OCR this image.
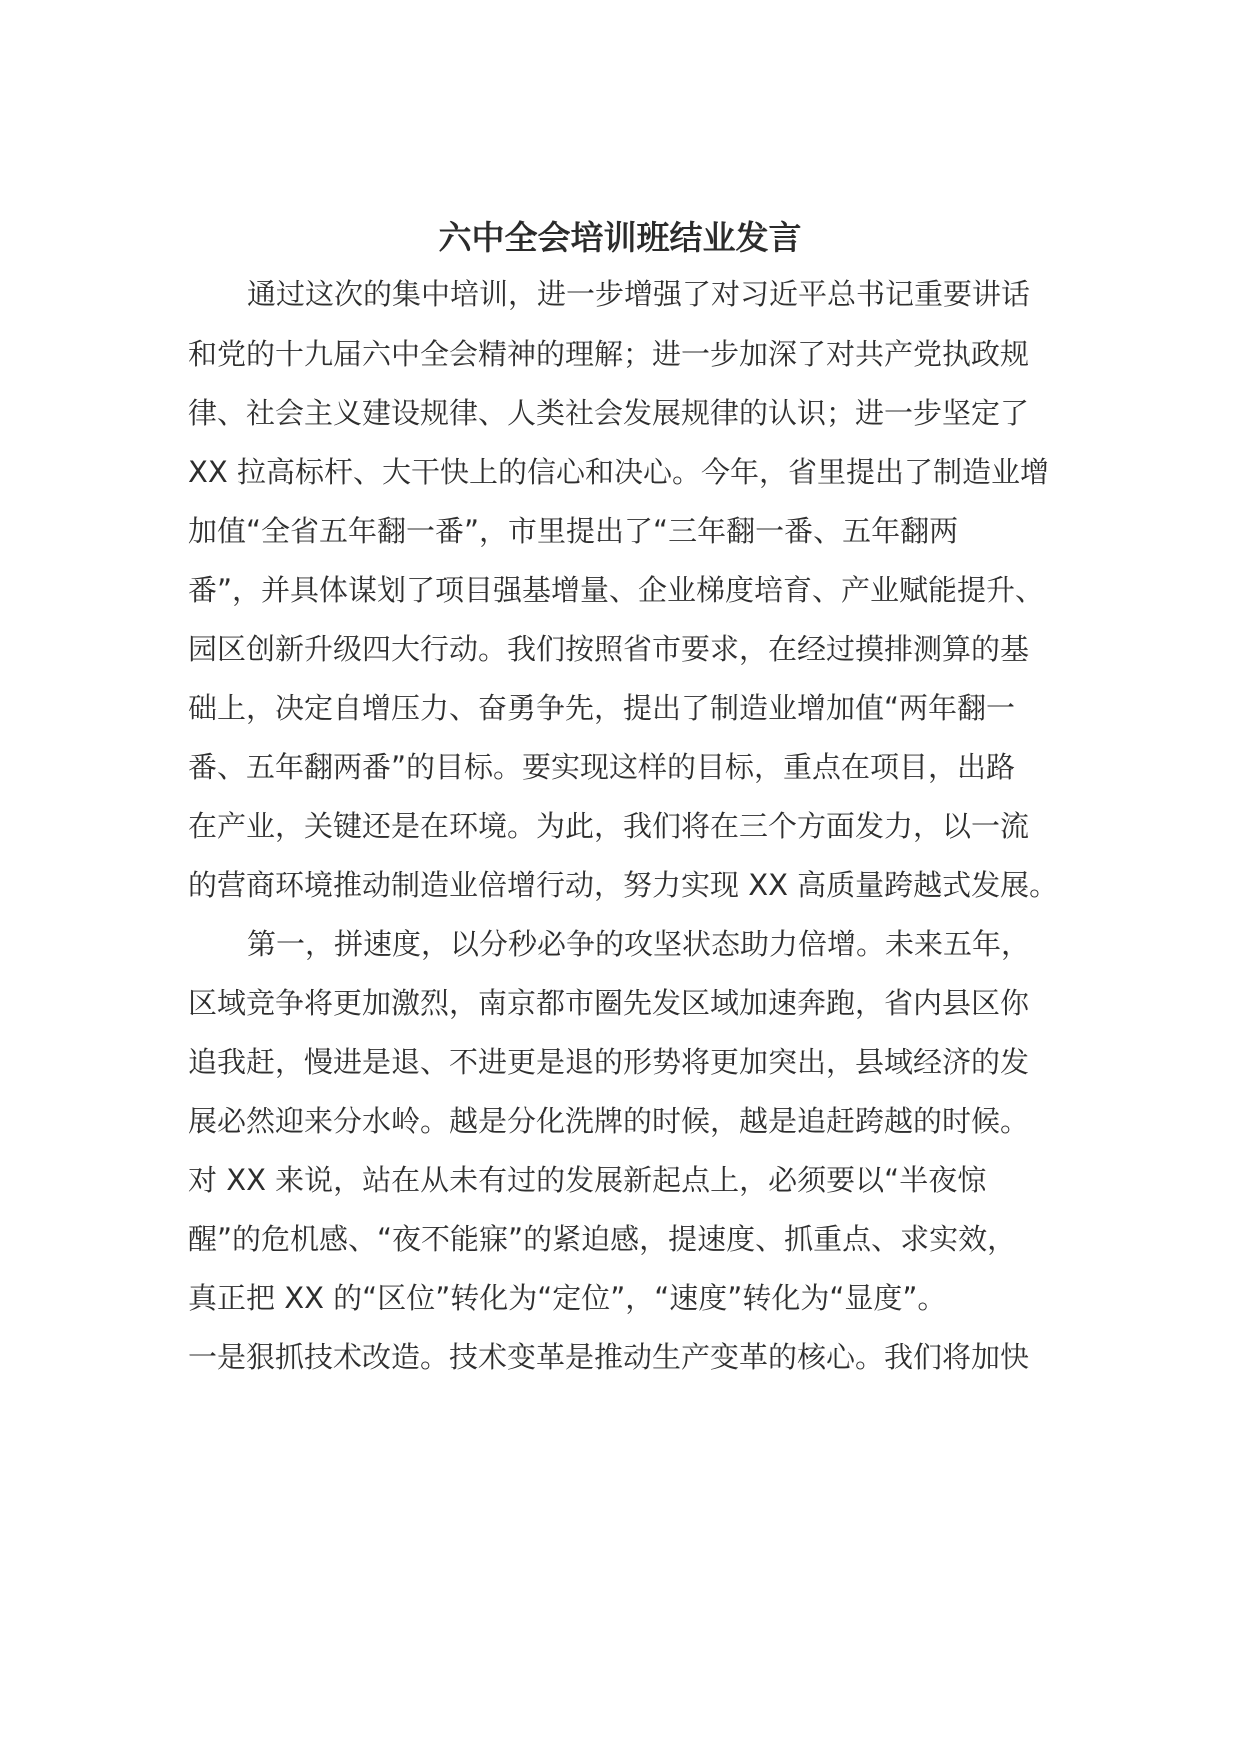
六中全会培训班结业发言
通过这次的集中培训，进一步增强了对习近平总书记重要讲话
和党的十九届六中全会精神的理解；进一步加深了对共产党执政规
律、社会主义建设规律、人类社会发展规律的认识；进一步坚定了
XX 拉高标杆、大干快上的信心和决心。今年，省里提出了制造业增
加值“全省五年翻一番”，市里提出了“三年翻一番、五年翻两
番”，并具体谋划了项目强基增量、企业梯度培育、产业赋能提升、
园区创新升级四大行动。我们按照省市要求，在经过摸排测算的基
础上，决定自增压力、奋勇争先，提出了制造业增加值“两年翻一
番、五年翻两番”的目标。要实现这样的目标，重点在项目，出路
在产业，关键还是在环境。为此，我们将在三个方面发力，以一流
的营商环境推动制造业倍增行动，努力实现 XX 高质量跨越式发展。
第一，拼速度，以分秒必争的攻坚状态助力倍增。未来五年，
区域竞争将更加激烈，南京都市圈先发区域加速奔跑，省内县区你
追我赶，慢进是退、不进更是退的形势将更加突出，县域经济的发
展必然迎来分水岭。越是分化洗牌的时候，越是追赶跨越的时候。
对 XX 来说，站在从未有过的发展新起点上，必须要以“半夜惊
醒”的危机感、“夜不能寐”的紧迫感，提速度、抓重点、求实效，
真正把 XX 的“区位”转化为“定位”，“速度”转化为“显度”。
一是狠抓技术改造。技术变革是推动生产变革的核心。我们将加快
